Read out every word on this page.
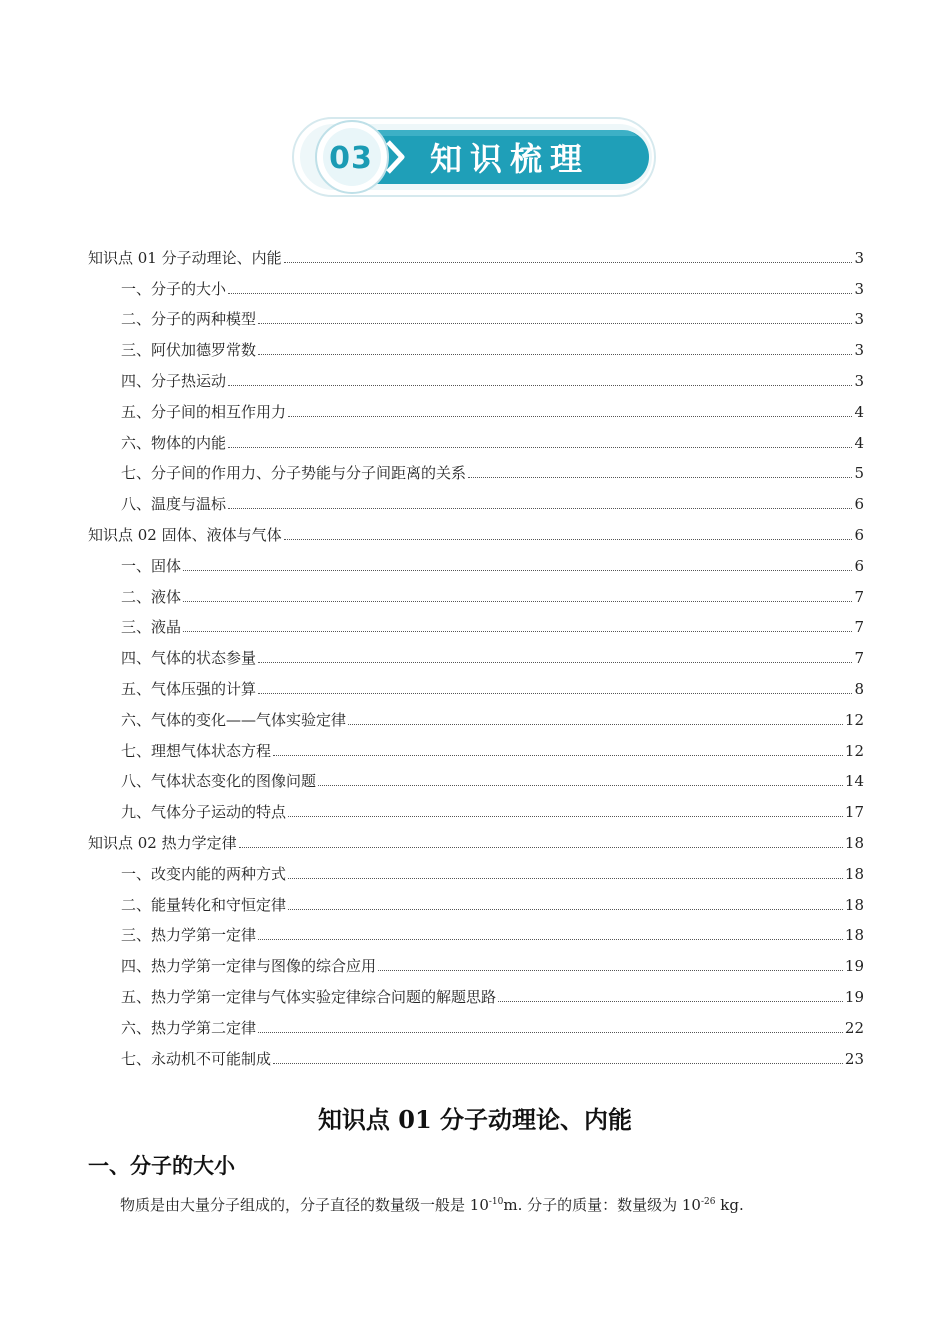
03 知识梳理
知识点 01 分子动理论、内能	3
一、分子的大小	3
二、分子的两种模型	3
三、阿伏加德罗常数	3
四、分子热运动	3
五、分子间的相互作用力	4
六、物体的内能	4
七、分子间的作用力、分子势能与分子间距离的关系	5
八、温度与温标	6
知识点 02 固体、液体与气体	6
一、固体	6
二、液体	7
三、液晶	7
四、气体的状态参量	7
五、气体压强的计算	8
六、气体的变化——气体实验定律	12
七、理想气体状态方程	12
八、气体状态变化的图像问题	14
九、气体分子运动的特点	17
知识点 02 热力学定律	18
一、改变内能的两种方式	18
二、能量转化和守恒定律	18
三、热力学第一定律	18
四、热力学第一定律与图像的综合应用	19
五、热力学第一定律与气体实验定律综合问题的解题思路	19
六、热力学第二定律	22
七、永动机不可能制成	23
知识点 01 分子动理论、内能
一、分子的大小

物质是由大量分子组成的，分子直径的数量级一般是 $10^{-10}m$. 分子的质量：数量级为 $10^{-26}$ kg.
